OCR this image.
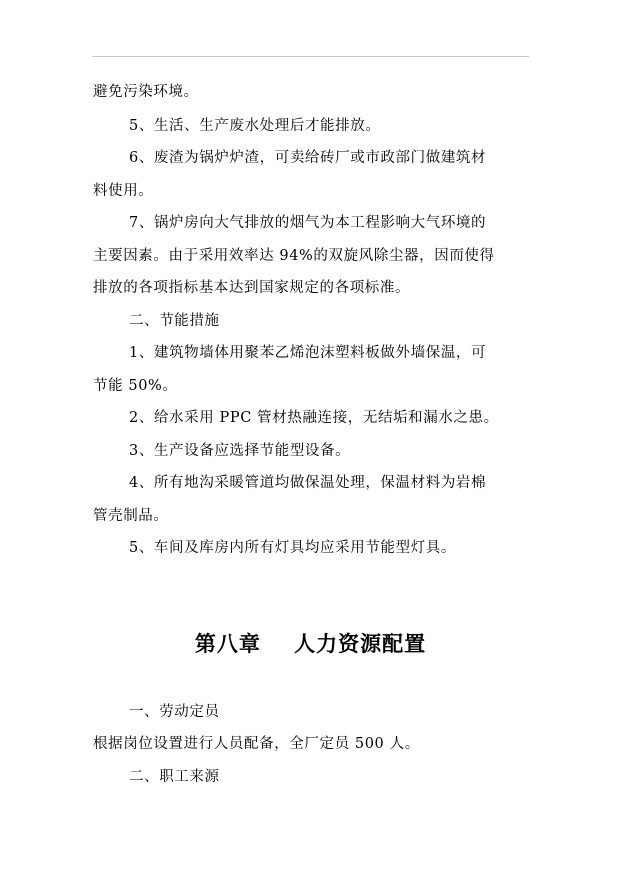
避免污染环境。
5、生活、生产废水处理后才能排放。
6、废渣为锅炉炉渣，可卖给砖厂或市政部门做建筑材
料使用。
7、锅炉房向大气排放的烟气为本工程影响大气环境的
主要因素。由于采用效率达 94%的双旋风除尘器，因而使得
排放的各项指标基本达到国家规定的各项标准。
二、节能措施
1、建筑物墙体用聚苯乙烯泡沫塑料板做外墙保温，可
节能 50%。
2、给水采用 PPC 管材热融连接，无结垢和漏水之患。
3、生产设备应选择节能型设备。
4、所有地沟采暖管道均做保温处理，保温材料为岩棉
管壳制品。
5、车间及库房内所有灯具均应采用节能型灯具。
第八章    人力资源配置
一、劳动定员
根据岗位设置进行人员配备，全厂定员 500 人。
二、职工来源
